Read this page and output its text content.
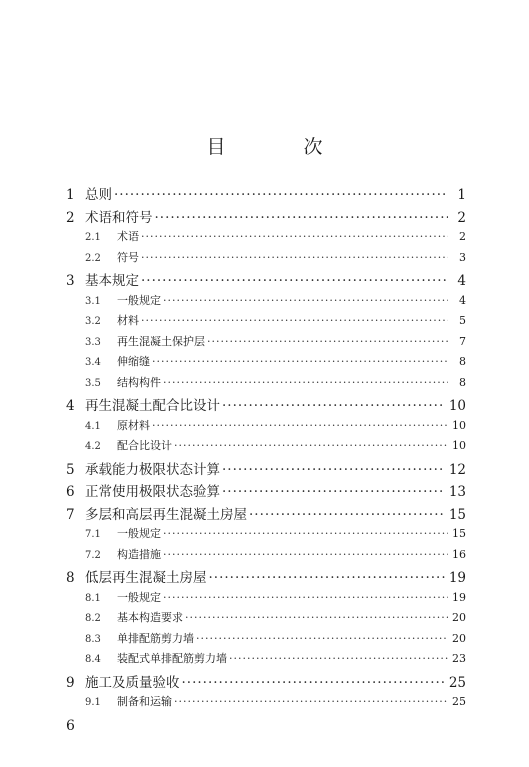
目 次
1 总则 ·····	1
2 术语和符号 ·····	2
2.1	术语 ·····	2
2.2	符号 ·····	3
3 基本规定 ·····	4
3.1	一般规定 ·····	4
3.2	材料 ·····	5
3.3	再生混凝土保护层 ·····	7
3.4	伸缩缝 ·····	8
3.5	结构构件 ·····	8
4 再生混凝土配合比设计 ·····	10
4.1	原材料 ·····	10
4.2	配合比设计 ·····	10
5 承载能力极限状态计算 ·····	12
6 正常使用极限状态验算 ·····	13
7 多层和高层再生混凝土房屋 ·····	15
7.1	一般规定 ·····	15
7.2	构造措施 ·····	16
8 低层再生混凝土房屋 ·····	19
8.1	一般规定 ·····	19
8.2	基本构造要求 ·····	20
8.3	单排配筋剪力墙 ·····	20
8.4	装配式单排配筋剪力墙 ·····	23
9 施工及质量验收 ·····	25
9.1	制备和运输 ·····	25
6
